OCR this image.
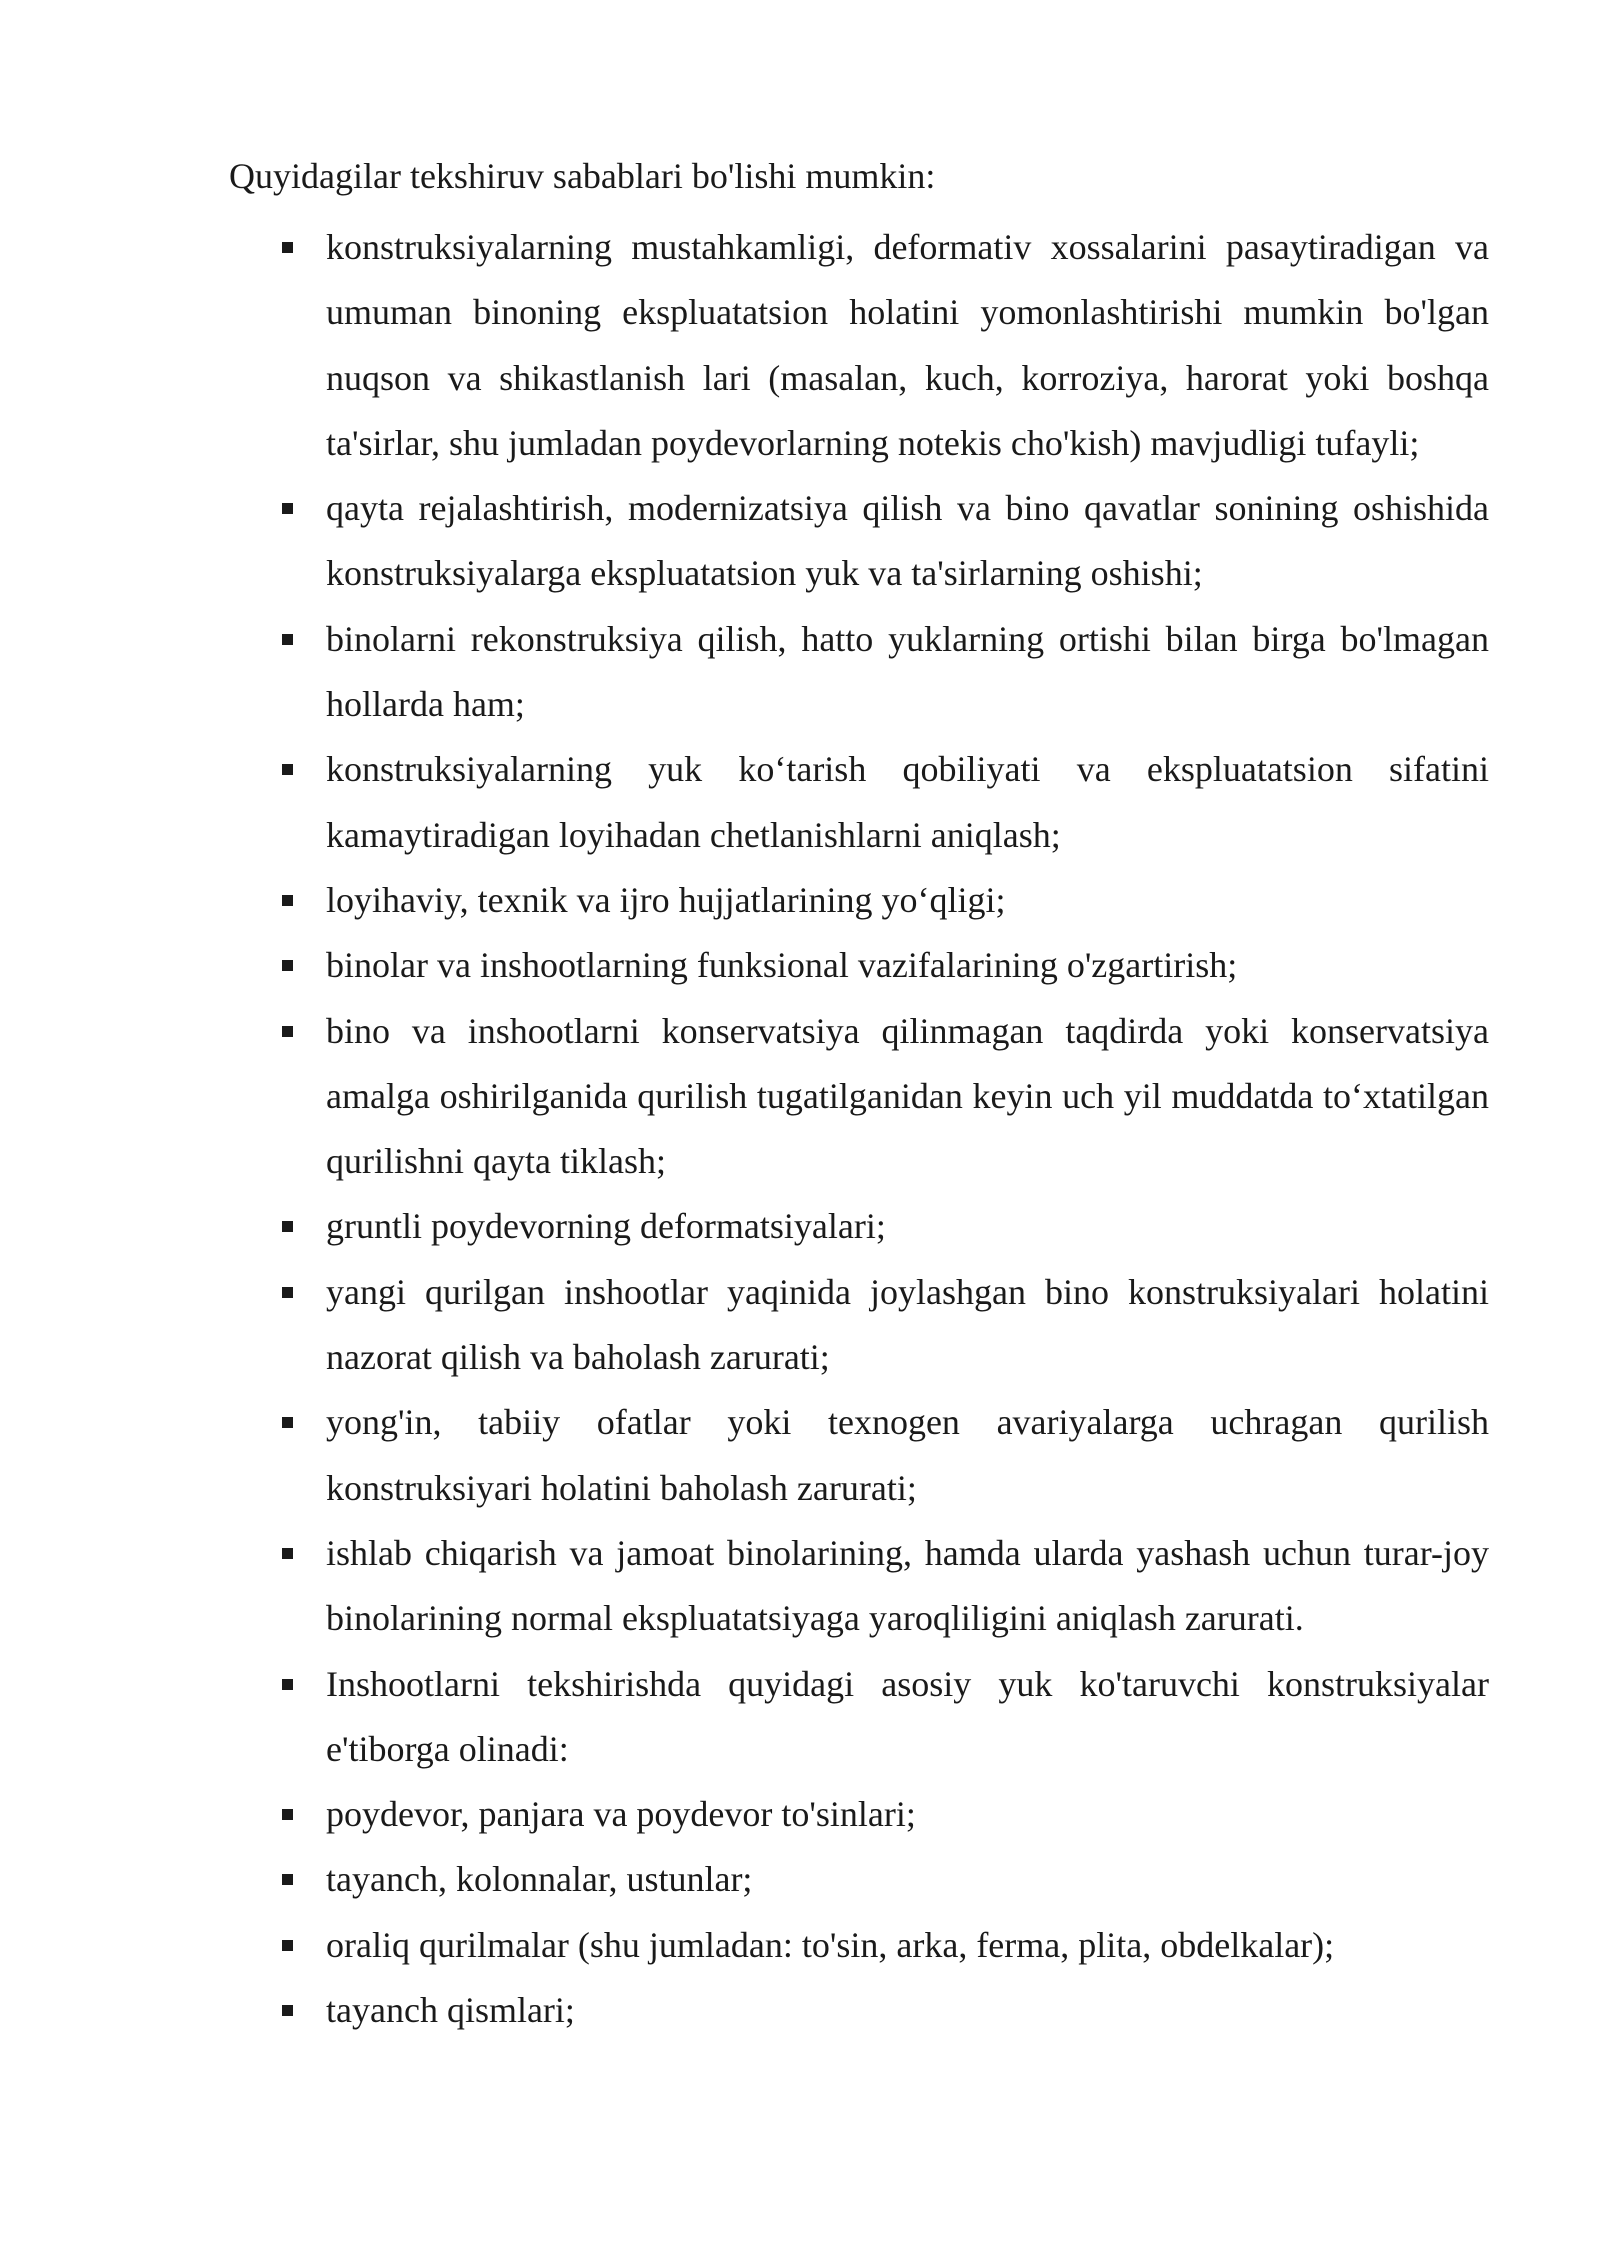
Quyidagilar tekshiruv sabablari bo'lishi mumkin:

konstruksiyalarning mustahkamligi, deformativ xossalarini pasaytiradigan va umuman binoning ekspluatatsion holatini yomonlashtirishi mumkin bo'lgan nuqson va shikastlanish lari (masalan, kuch, korroziya, harorat yoki boshqa ta'sirlar, shu jumladan poydevorlarning notekis cho'kish) mavjudligi tufayli;
qayta rejalashtirish, modernizatsiya qilish va bino qavatlar sonining oshishida konstruksiyalarga ekspluatatsion yuk va ta'sirlarning oshishi;
binolarni rekonstruksiya qilish, hatto yuklarning ortishi bilan birga bo'lmagan hollarda ham;
konstruksiyalarning yuk ko‘tarish qobiliyati va ekspluatatsion sifatini kamaytiradigan loyihadan chetlanishlarni aniqlash;
loyihaviy, texnik va ijro hujjatlarining yo‘qligi;
binolar va inshootlarning funksional vazifalarining o'zgartirish;
bino va inshootlarni konservatsiya qilinmagan taqdirda yoki konservatsiya amalga oshirilganida qurilish tugatilganidan keyin uch yil muddatda to‘xtatilgan qurilishni qayta tiklash;
gruntli poydevorning deformatsiyalari;
yangi qurilgan inshootlar yaqinida joylashgan bino konstruksiyalari holatini nazorat qilish va baholash zarurati;
yong'in, tabiiy ofatlar yoki texnogen avariyalarga uchragan qurilish konstruksiyari holatini baholash zarurati;
ishlab chiqarish va jamoat binolarining, hamda ularda yashash uchun turar-joy binolarining normal ekspluatatsiyaga yaroqliligini aniqlash zarurati.
Inshootlarni tekshirishda quyidagi asosiy yuk ko'taruvchi konstruksiyalar e'tiborga olinadi:
poydevor, panjara va poydevor to'sinlari;
tayanch, kolonnalar, ustunlar;
oraliq qurilmalar (shu jumladan: to'sin, arka, ferma, plita, obdelkalar);
tayanch qismlari;
